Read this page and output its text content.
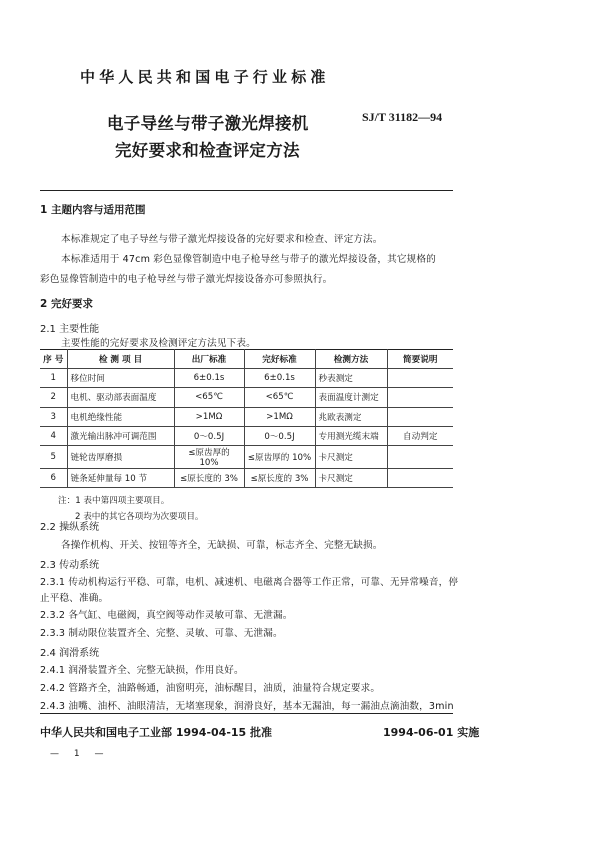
中华人民共和国电子行业标准
电子导丝与带子激光焊接机	SJ/T 31182—94
完好要求和检查评定方法
1 主题内容与适用范围
本标准规定了电子导丝与带子激光焊接设备的完好要求和检查、评定方法。
本标准适用于 47cm 彩色显像管制造中电子枪导丝与带子的激光焊接设备，其它规格的
彩色显像管制造中的电子枪导丝与带子激光焊接设备亦可参照执行。
2 完好要求
2.1 主要性能
主要性能的完好要求及检测评定方法见下表。
序 号	检 测 项 目	出厂标准	完好标准	检测方法	简要说明
1	移位时间	6±0.1s	6±0.1s	秒表测定	
2	电机、驱动部表面温度	<65℃	<65℃	表面温度计测定	
3	电机绝缘性能	>1MΩ	>1MΩ	兆欧表测定	
4	激光输出脉冲可调范围	0～0.5J	0～0.5J	专用测光缆末端	自动判定
5	链轮齿厚磨损	≤原齿厚的 10%	≤原齿厚的 10%	卡尺测定	
6	链条延伸量每 10 节	≤原长度的 3%	≤原长度的 3%	卡尺测定	
注：1 表中第四项主要项目。
2 表中的其它各项均为次要项目。
2.2 操纵系统
各操作机构、开关、按钮等齐全，无缺损、可靠，标志齐全、完整无缺损。
2.3 传动系统
2.3.1 传动机构运行平稳、可靠，电机、减速机、电磁离合器等工作正常，可靠、无异常噪音，停
止平稳、准确。
2.3.2 各气缸、电磁阀，真空阀等动作灵敏可靠、无泄漏。
2.3.3 制动限位装置齐全、完整、灵敏、可靠、无泄漏。
2.4 润滑系统
2.4.1 润滑装置齐全、完整无缺损，作用良好。
2.4.2 管路齐全，油路畅通，油窗明亮，油标醒目，油质，油量符合规定要求。
中华人民共和国电子工业部 1994-04-15 批准	1994-06-01 实施
— 1 —
2.4.3 油嘴、油杯、油眼清洁，无堵塞现象，润滑良好，基本无漏油，每一漏油点滴油数，3min
